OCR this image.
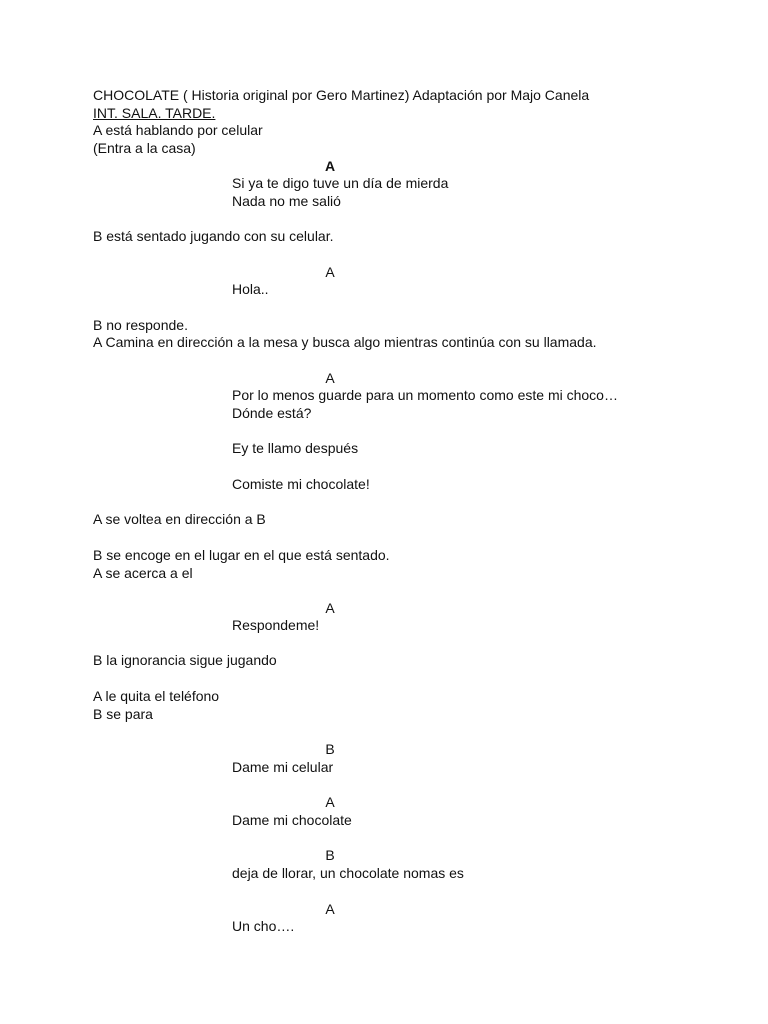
CHOCOLATE ( Historia original por Gero Martinez) Adaptación por Majo Canela

INT. SALA. TARDE.

A está hablando por celular

(Entra a la casa)

A

Si ya te digo tuve un día de mierda

Nada no me salió

B está sentado jugando con su celular.

A

Hola..

B no responde.

A Camina en dirección a la mesa y busca algo mientras continúa con su llamada.

A

Por lo menos guarde para un momento como este mi choco…

Dónde está?

Ey te llamo después

Comiste mi chocolate!

A se voltea en dirección a B

B se encoge en el lugar en el que está sentado.

A se acerca a el

A

Respondeme!

B la ignorancia sigue jugando

A le quita el teléfono

B se para

B

Dame mi celular

A

Dame mi chocolate

B

deja de llorar, un chocolate nomas es

A

Un cho….
